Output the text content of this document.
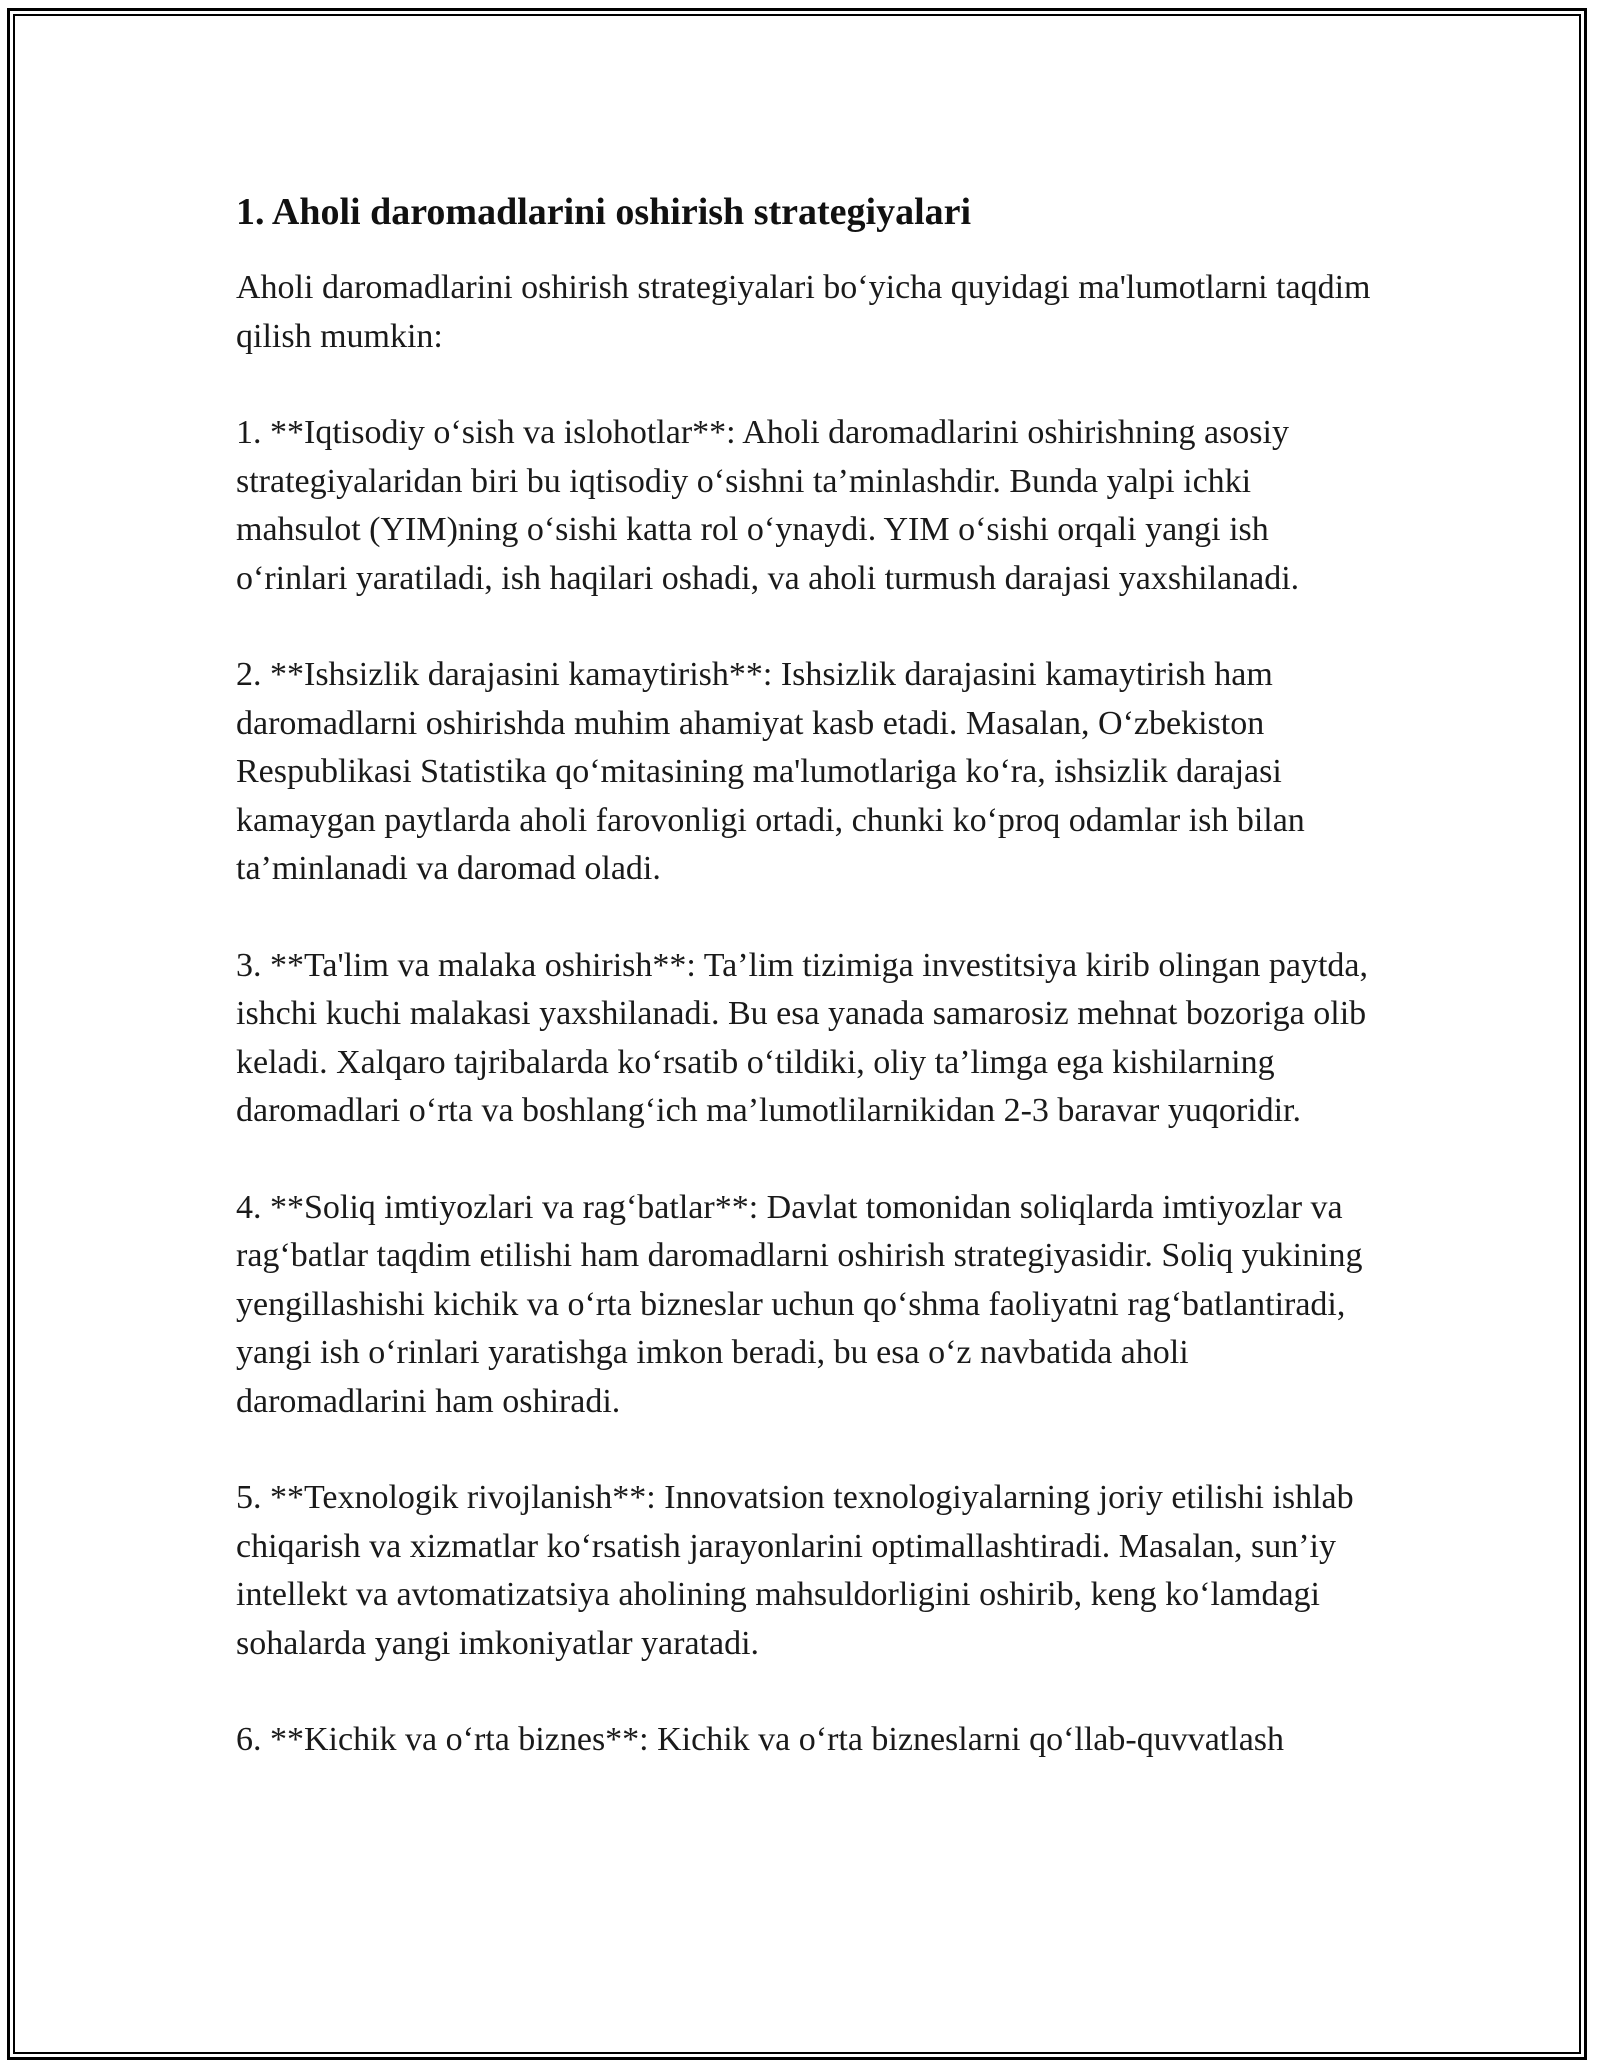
1. Aholi daromadlarini oshirish strategiyalari

Aholi daromadlarini oshirish strategiyalari bo‘yicha quyidagi ma'lumotlarni taqdim qilish mumkin:

1. **Iqtisodiy o‘sish va islohotlar**: Aholi daromadlarini oshirishning asosiy strategiyalaridan biri bu iqtisodiy o‘sishni ta’minlashdir. Bunda yalpi ichki mahsulot (YIM)ning o‘sishi katta rol o‘ynaydi. YIM o‘sishi orqali yangi ish o‘rinlari yaratiladi, ish haqilari oshadi, va aholi turmush darajasi yaxshilanadi.

2. **Ishsizlik darajasini kamaytirish**: Ishsizlik darajasini kamaytirish ham daromadlarni oshirishda muhim ahamiyat kasb etadi. Masalan, O‘zbekiston Respublikasi Statistika qo‘mitasining ma'lumotlariga ko‘ra, ishsizlik darajasi kamaygan paytlarda aholi farovonligi ortadi, chunki ko‘proq odamlar ish bilan ta’minlanadi va daromad oladi.

3. **Ta'lim va malaka oshirish**: Ta’lim tizimiga investitsiya kirib olingan paytda, ishchi kuchi malakasi yaxshilanadi. Bu esa yanada samarosiz mehnat bozoriga olib keladi. Xalqaro tajribalarda ko‘rsatib o‘tildiki, oliy ta’limga ega kishilarning daromadlari o‘rta va boshlang‘ich ma’lumotlilarnikidan 2-3 baravar yuqoridir.

4. **Soliq imtiyozlari va rag‘batlar**: Davlat tomonidan soliqlarda imtiyozlar va rag‘batlar taqdim etilishi ham daromadlarni oshirish strategiyasidir. Soliq yukining yengillashishi kichik va o‘rta bizneslar uchun qo‘shma faoliyatni rag‘batlantiradi, yangi ish o‘rinlari yaratishga imkon beradi, bu esa o‘z navbatida aholi daromadlarini ham oshiradi.

5. **Texnologik rivojlanish**: Innovatsion texnologiyalarning joriy etilishi ishlab chiqarish va xizmatlar ko‘rsatish jarayonlarini optimallashtiradi. Masalan, sun’iy intellekt va avtomatizatsiya aholining mahsuldorligini oshirib, keng ko‘lamdagi sohalarda yangi imkoniyatlar yaratadi.

6. **Kichik va o‘rta biznes**: Kichik va o‘rta bizneslarni qo‘llab-quvvatlash
